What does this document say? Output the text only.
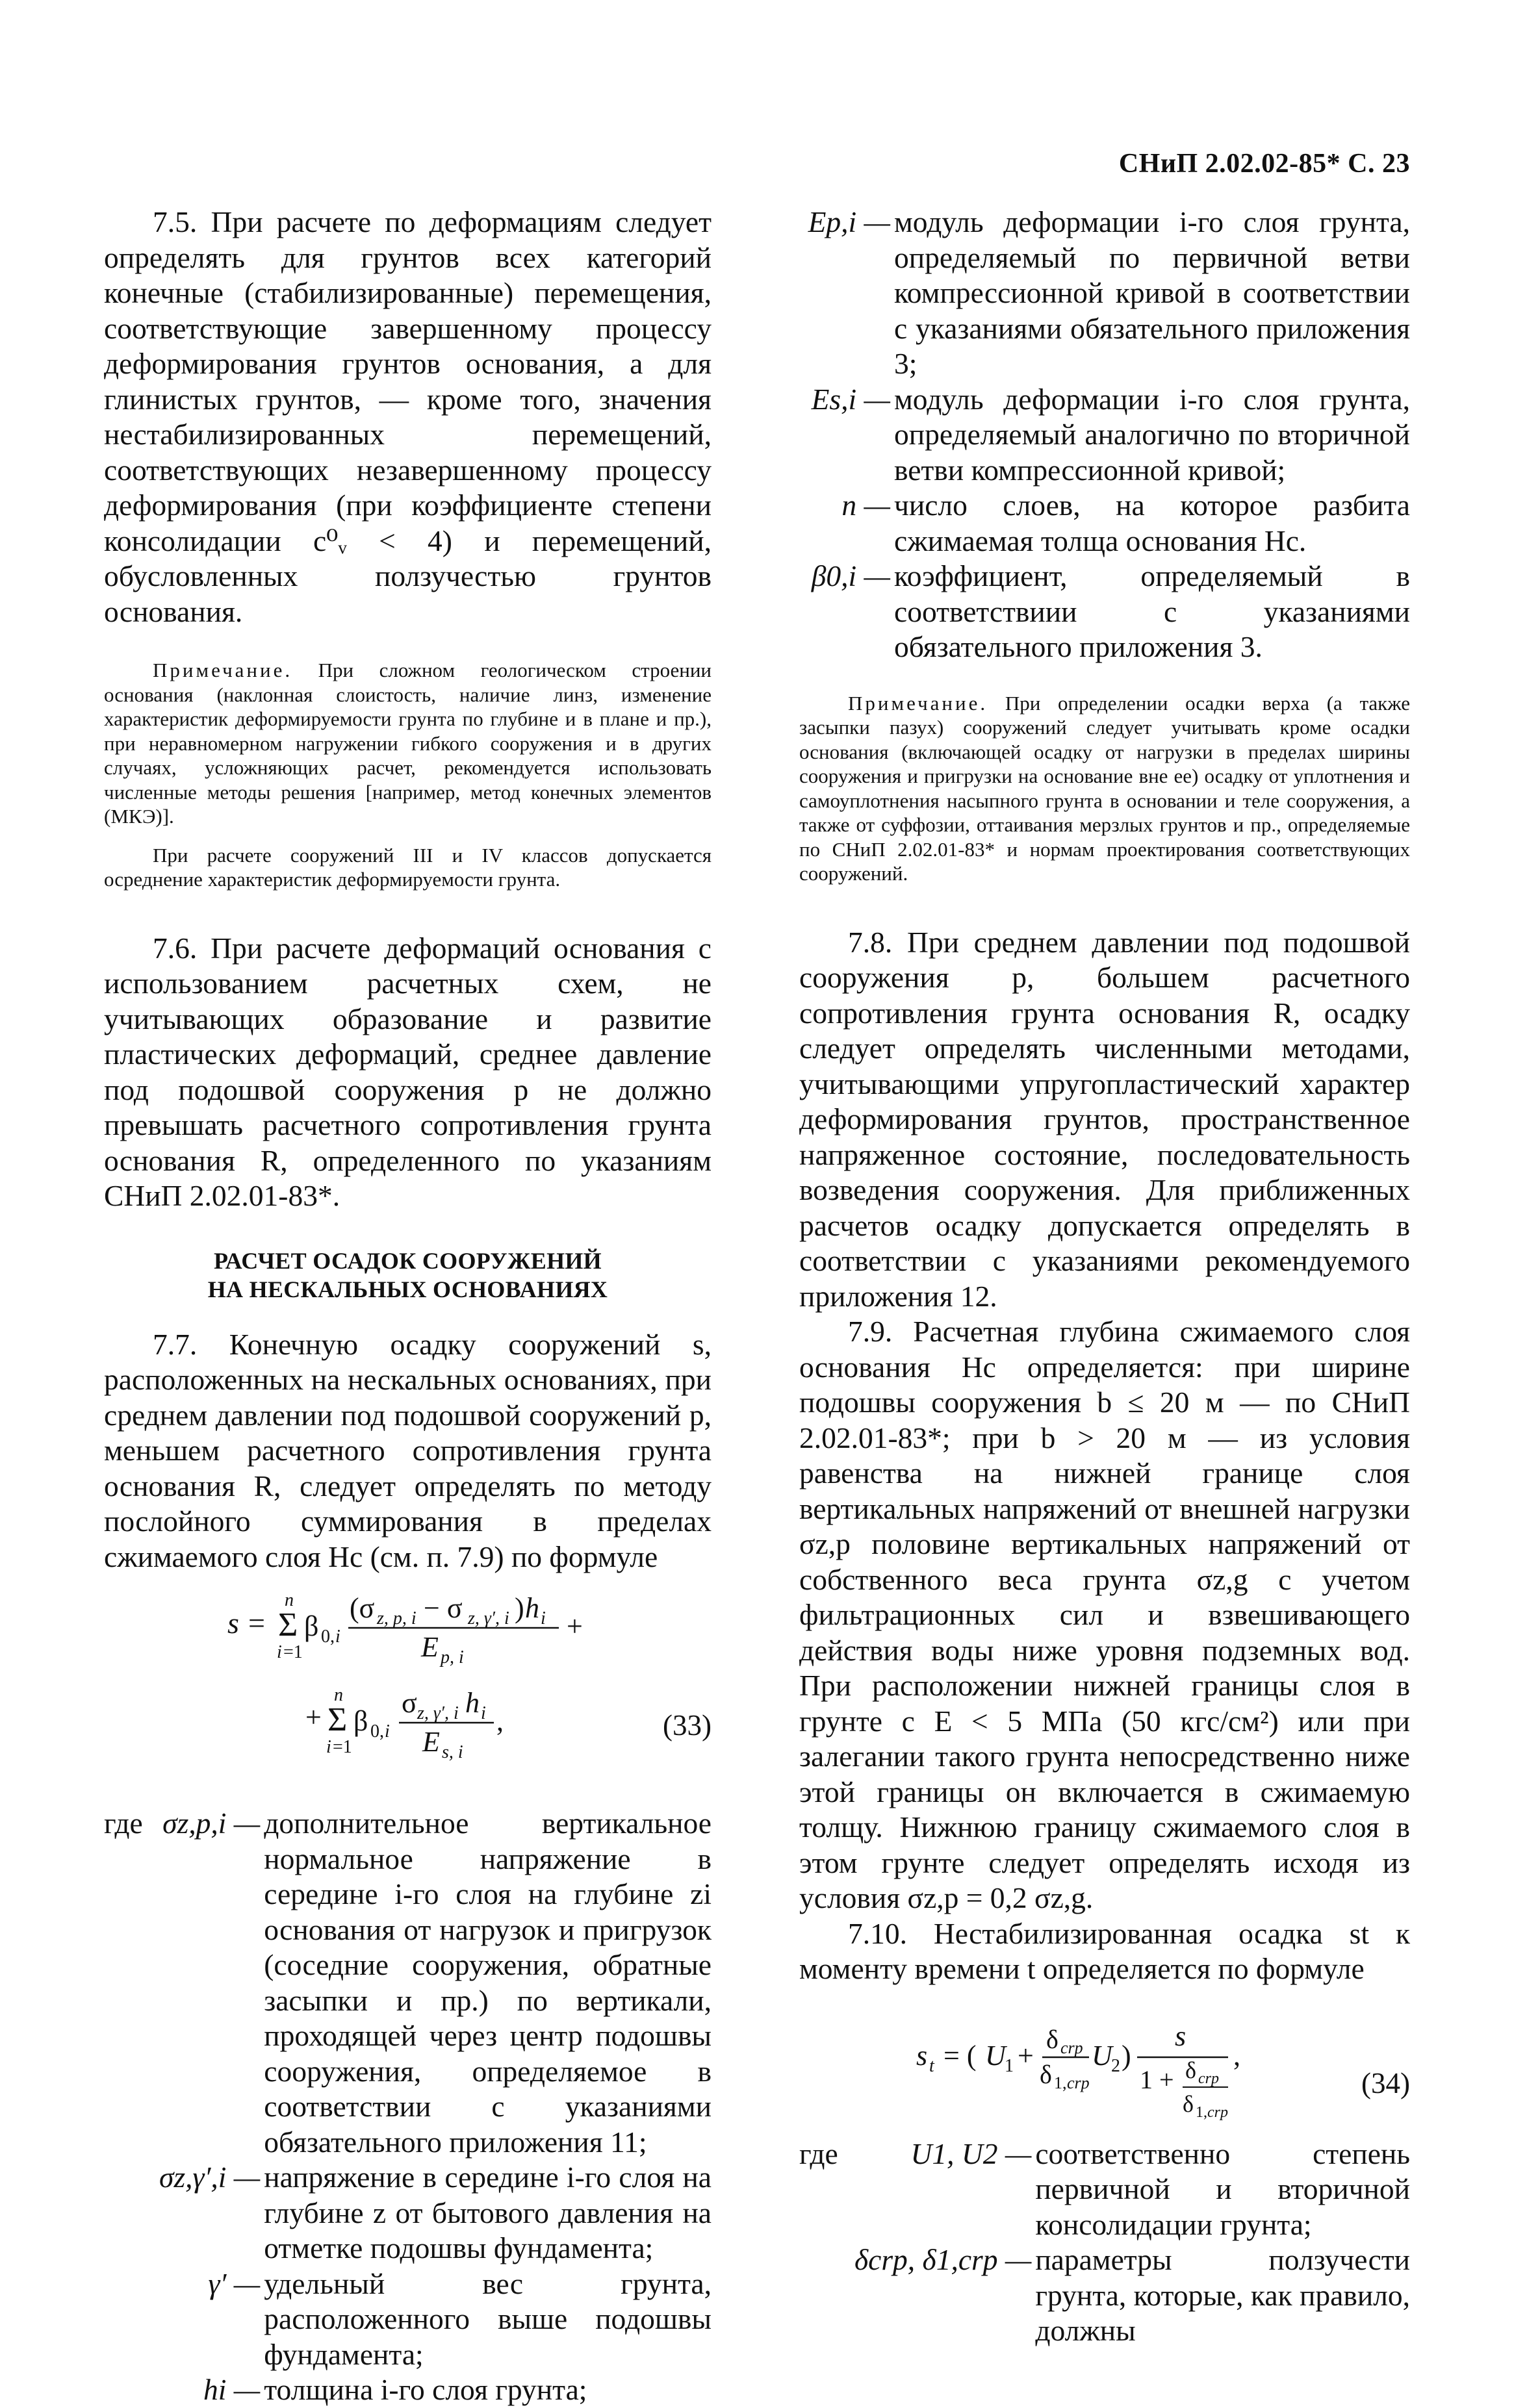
СНиП 2.02.02-85* С. 23

7.5. При расчете по деформациям следует определять для грунтов всех категорий конечные (стабилизированные) перемещения, соответствующие завершенному процессу деформирования грунтов основания, а для глинистых грунтов, — кроме того, значения нестабилизированных перемещений, соответствующих незавершенному процессу деформирования (при коэффициенте степени консолидации c⁰ᵥ < 4) и перемещений, обусловленных ползучестью грунтов основания.

Примечание. При сложном геологическом строении основания (наклонная слоистость, наличие линз, изменение характеристик деформируемости грунта по глубине и в плане и пр.), при неравномерном нагружении гибкого сооружения и в других случаях, усложняющих расчет, рекомендуется использовать численные методы решения [например, метод конечных элементов (МКЭ)].

При расчете сооружений III и IV классов допускается осреднение характеристик деформируемости грунта.

7.6. При расчете деформаций основания с использованием расчетных схем, не учитывающих образование и развитие пластических деформаций, среднее давление под подошвой сооружения p не должно превышать расчетного сопротивления грунта основания R, определенного по указаниям СНиП 2.02.01-83*.

РАСЧЕТ ОСАДОК СООРУЖЕНИЙ
НА НЕСКАЛЬНЫХ ОСНОВАНИЯХ

7.7. Конечную осадку сооружений s, расположенных на нескальных основаниях, при среднем давлении под подошвой сооружений p, меньшем расчетного сопротивления грунта основания R, следует определять по методу послойного суммирования в пределах сжимаемого слоя Hc (см. п. 7.9) по формуле

s =
n
Σ
i =1
β 0, i
(σ z, p, i − σ z, γ′, i ) h i
E p, i
+
+
n
Σ
i =1
β 0, i
σ z, γ′, i h i
E s, i
,	(33)
где	σz,p,i —	дополнительное вертикальное нормальное напряжение в середине i-го слоя на глубине zi основания от нагрузок и пригрузок (соседние сооружения, обратные засыпки и пр.) по вертикали, проходящей через центр подошвы сооружения, определяемое в соответствии с указаниями обязательного приложения 11;
	σz,γ′,i —	напряжение в середине i-го слоя на глубине z от бытового давления на отметке подошвы фундамента;
	γ′ —	удельный вес грунта, расположенного выше подошвы фундамента;
	hi —	толщина i-го слоя грунта;
Ep,i —	модуль деформации i-го слоя грунта, определяемый по первичной ветви компрессионной кривой в соответствии с указаниями обязательного приложения 3;
Es,i —	модуль деформации i-го слоя грунта, определяемый аналогично по вторичной ветви компрессионной кривой;
n —	число слоев, на которое разбита сжимаемая толща основания Hc.
β0,i —	коэффициент, определяемый в соответствиии с указаниями обязательного приложения 3.

Примечание. При определении осадки верха (а также засыпки пазух) сооружений следует учитывать кроме осадки основания (включающей осадку от нагрузки в пределах ширины сооружения и пригрузки на основание вне ее) осадку от уплотнения и самоуплотнения насыпного грунта в основании и теле сооружения, а также от суффозии, оттаивания мерзлых грунтов и пр., определяемые по СНиП 2.02.01-83* и нормам проектирования соответствующих сооружений.

7.8. При среднем давлении под подошвой сооружения p, большем расчетного сопротивления грунта основания R, осадку следует определять численными методами, учитывающими упругопластический характер деформирования грунтов, пространственное напряженное состояние, последовательность возведения сооружения. Для приближенных расчетов осадку допускается определять в соответствии с указаниями рекомендуемого приложения 12.

7.9. Расчетная глубина сжимаемого слоя основания Hc определяется: при ширине подошвы сооружения b ≤ 20 м — по СНиП 2.02.01-83*; при b > 20 м — из условия равенства на нижней границе слоя вертикальных напряжений от внешней нагрузки σz,p половине вертикальных напряжений от собственного веса грунта σz,g с учетом фильтрационных сил и взвешивающего действия воды ниже уровня подземных вод. При расположении нижней границы слоя в грунте с E < 5 МПа (50 кгс/см²) или при залегании такого грунта непосредственно ниже этой границы он включается в сжимаемую толщу. Нижнюю границу сжимаемого слоя в этом грунте следует определять исходя из условия σz,p = 0,2 σz,g.

7.10. Нестабилизированная осадка st к моменту времени t определяется по формуле

s t = ( U
1 +
δ crp
δ 1, crp
U
2 )
s
1 + δ crp
δ 1, crp
,
(34)
где	U1, U2 —	соответственно степень первичной и вторичной консолидации грунта;
	δcrp, δ1,crp —	параметры ползучести грунта, которые, как правило, должны
